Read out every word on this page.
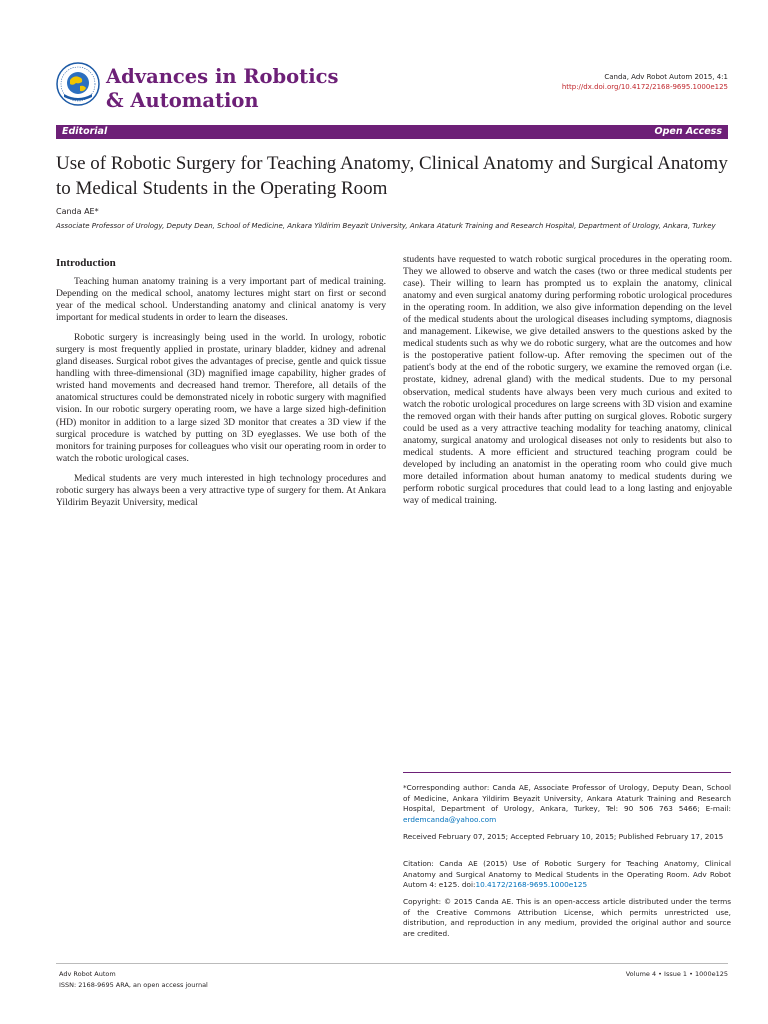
Advances in Robotics
& Automation
Canda, Adv Robot Autom 2015, 4:1
http://dx.doi.org/10.4172/2168-9695.1000e125
Editorial	Open Access
Use of Robotic Surgery for Teaching Anatomy, Clinical Anatomy and Surgical Anatomy to Medical Students in the Operating Room
Canda AE*
Associate Professor of Urology, Deputy Dean, School of Medicine, Ankara Yildirim Beyazit University, Ankara Ataturk Training and Research Hospital, Department of Urology, Ankara, Turkey
Introduction

Teaching human anatomy training is a very important part of medical training. Depending on the medical school, anatomy lectures might start on first or second year of the medical school. Understanding anatomy and clinical anatomy is very important for medical students in order to learn the diseases.

Robotic surgery is increasingly being used in the world. In urology, robotic surgery is most frequently applied in prostate, urinary bladder, kidney and adrenal gland diseases. Surgical robot gives the advantages of precise, gentle and quick tissue handling with three-dimensional (3D) magnified image capability, higher grades of wristed hand movements and decreased hand tremor. Therefore, all details of the anatomical structures could be demonstrated nicely in robotic surgery with magnified vision. In our robotic surgery operating room, we have a large sized high-definition (HD) monitor in addition to a large sized 3D monitor that creates a 3D view if the surgical procedure is watched by putting on 3D eyeglasses. We use both of the monitors for training purposes for colleagues who visit our operating room in order to watch the robotic urological cases.

Medical students are very much interested in high technology procedures and robotic surgery has always been a very attractive type of surgery for them. At Ankara Yildirim Beyazit University, medical

students have requested to watch robotic surgical procedures in the operating room. They we allowed to observe and watch the cases (two or three medical students per case). Their willing to learn has prompted us to explain the anatomy, clinical anatomy and even surgical anatomy during performing robotic urological procedures in the operating room. In addition, we also give information depending on the level of the medical students about the urological diseases including symptoms, diagnosis and management. Likewise, we give detailed answers to the questions asked by the medical students such as why we do robotic surgery, what are the outcomes and how is the postoperative patient follow-up. After removing the specimen out of the patient's body at the end of the robotic surgery, we examine the removed organ (i.e. prostate, kidney, adrenal gland) with the medical students. Due to my personal observation, medical students have always been very much curious and exited to watch the robotic urological procedures on large screens with 3D vision and examine the removed organ with their hands after putting on surgical gloves. Robotic surgery could be used as a very attractive teaching modality for teaching anatomy, clinical anatomy, surgical anatomy and urological diseases not only to residents but also to medical students. A more efficient and structured teaching program could be developed by including an anatomist in the operating room who could give much more detailed information about human anatomy to medical students during we perform robotic surgical procedures that could lead to a long lasting and enjoyable way of medical training.

*Corresponding author: Canda AE, Associate Professor of Urology, Deputy Dean, School of Medicine, Ankara Yildirim Beyazit University, Ankara Ataturk Training and Research Hospital, Department of Urology, Ankara, Turkey, Tel: 90 506 763 5466; E-mail: erdemcanda@yahoo.com
Received February 07, 2015; Accepted February 10, 2015; Published February 17, 2015
Citation: Canda AE (2015) Use of Robotic Surgery for Teaching Anatomy, Clinical Anatomy and Surgical Anatomy to Medical Students in the Operating Room. Adv Robot Autom 4: e125. doi:10.4172/2168-9695.1000e125
Copyright: © 2015 Canda AE. This is an open-access article distributed under the terms of the Creative Commons Attribution License, which permits unrestricted use, distribution, and reproduction in any medium, provided the original author and source are credited.
Adv Robot Autom
ISSN: 2168-9695 ARA, an open access journal
Volume 4 • Issue 1 • 1000e125
